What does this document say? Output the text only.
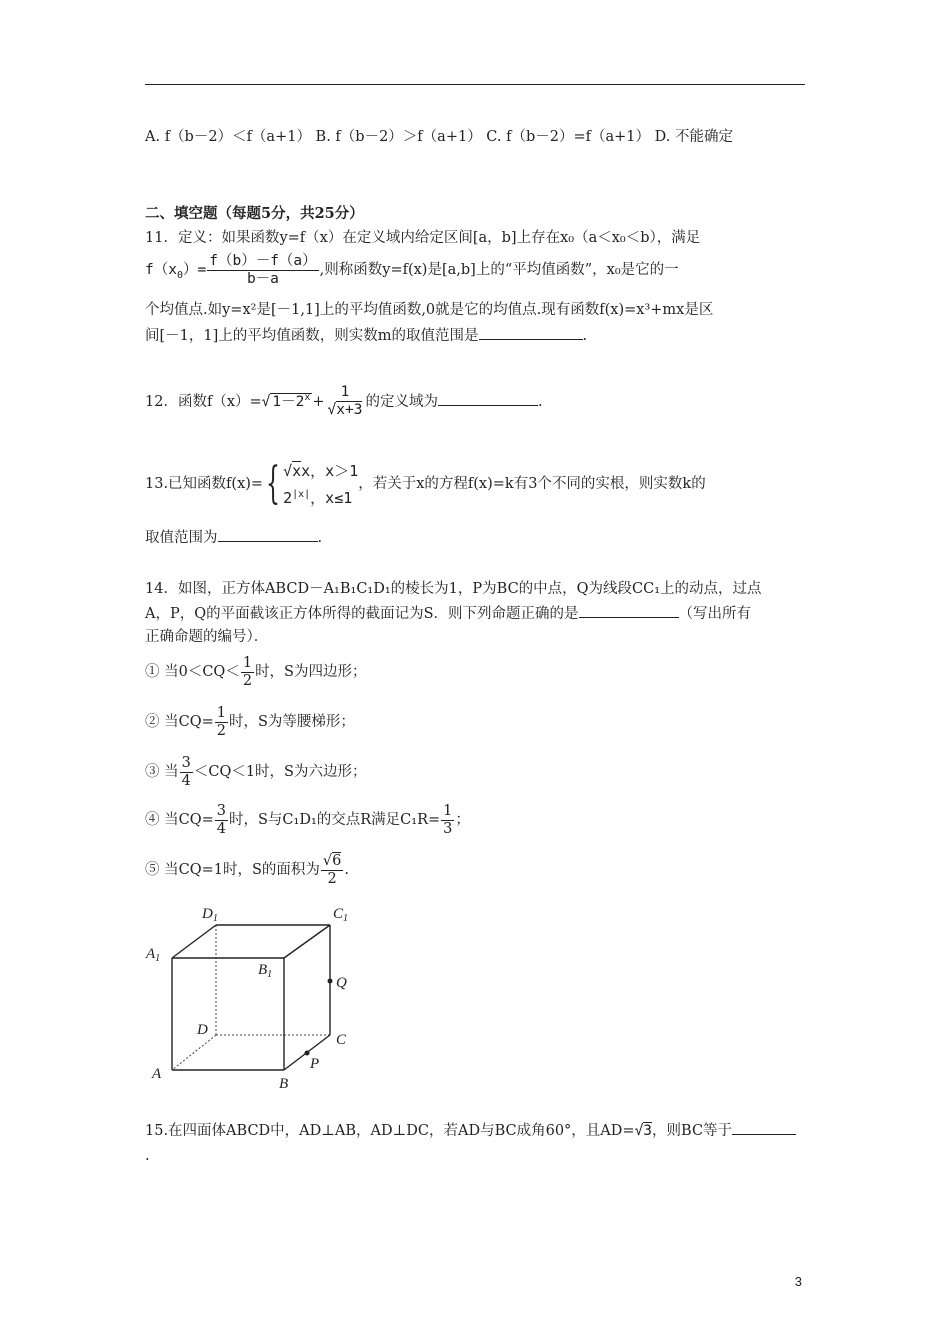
A. f（b－2）＜f（a+1） B. f（b－2）＞f（a+1） C. f（b－2）=f（a+1） D. 不能确定
二、填空题（每题5分，共25分）
11．定义：如果函数y=f（x）在定义域内给定区间[a，b]上存在x₀（a＜x₀＜b），满足
$f(x_0)= \frac{f(b)-f(a)}{b-a}$ ,则称函数y=f(x)是[a,b]上的“平均值函数”，x₀是它的一
个均值点.如y=x²是[－1,1]上的平均值函数,0就是它的均值点.现有函数f(x)=x³+mx是区
间[－1，1]上的平均值函数，则实数m的取值范围是	.
12．函数f（x）=√ $1-2^x + \frac{1}{√x+3}$ 的定义域为	.
13.已知函数f(x)={ √xx，x＞1
$2^{|x|}$，x≤1
，若关于x的方程f(x)=k有3个不同的实根，则实数k的
取值范围为	.
14．如图，正方体ABCD－A₁B₁C₁D₁的棱长为1，P为BC的中点，Q为线段CC₁上的动点，过点
A，P，Q的平面截该正方体所得的截面记为S．则下列命题正确的是	（写出所有
正确命题的编号）．
① 当$0<CQ< \frac{1}{2}$ 时，S为四边形；
② 当$CQ= \frac{1}{2}$ 时，S为等腰梯形；
③ 当 $\frac{3}{4} <CQ<1$时，S为六边形；
④ 当$CQ= \frac{3}{4}$ 时，S与C₁D₁的交点R满足$C_1R= \frac{1}{3}$ ；
⑤ 当CQ=1时，S的面积为 $\frac{√6}{2}$ .
$D_1$	$C_1$
$A_1$
$B_1$
Q
D
C
A
B
P
15.在四面体ABCD中，AD⊥AB，AD⊥DC，若AD与BC成角60°，且AD=√3，则BC等于
.
3
